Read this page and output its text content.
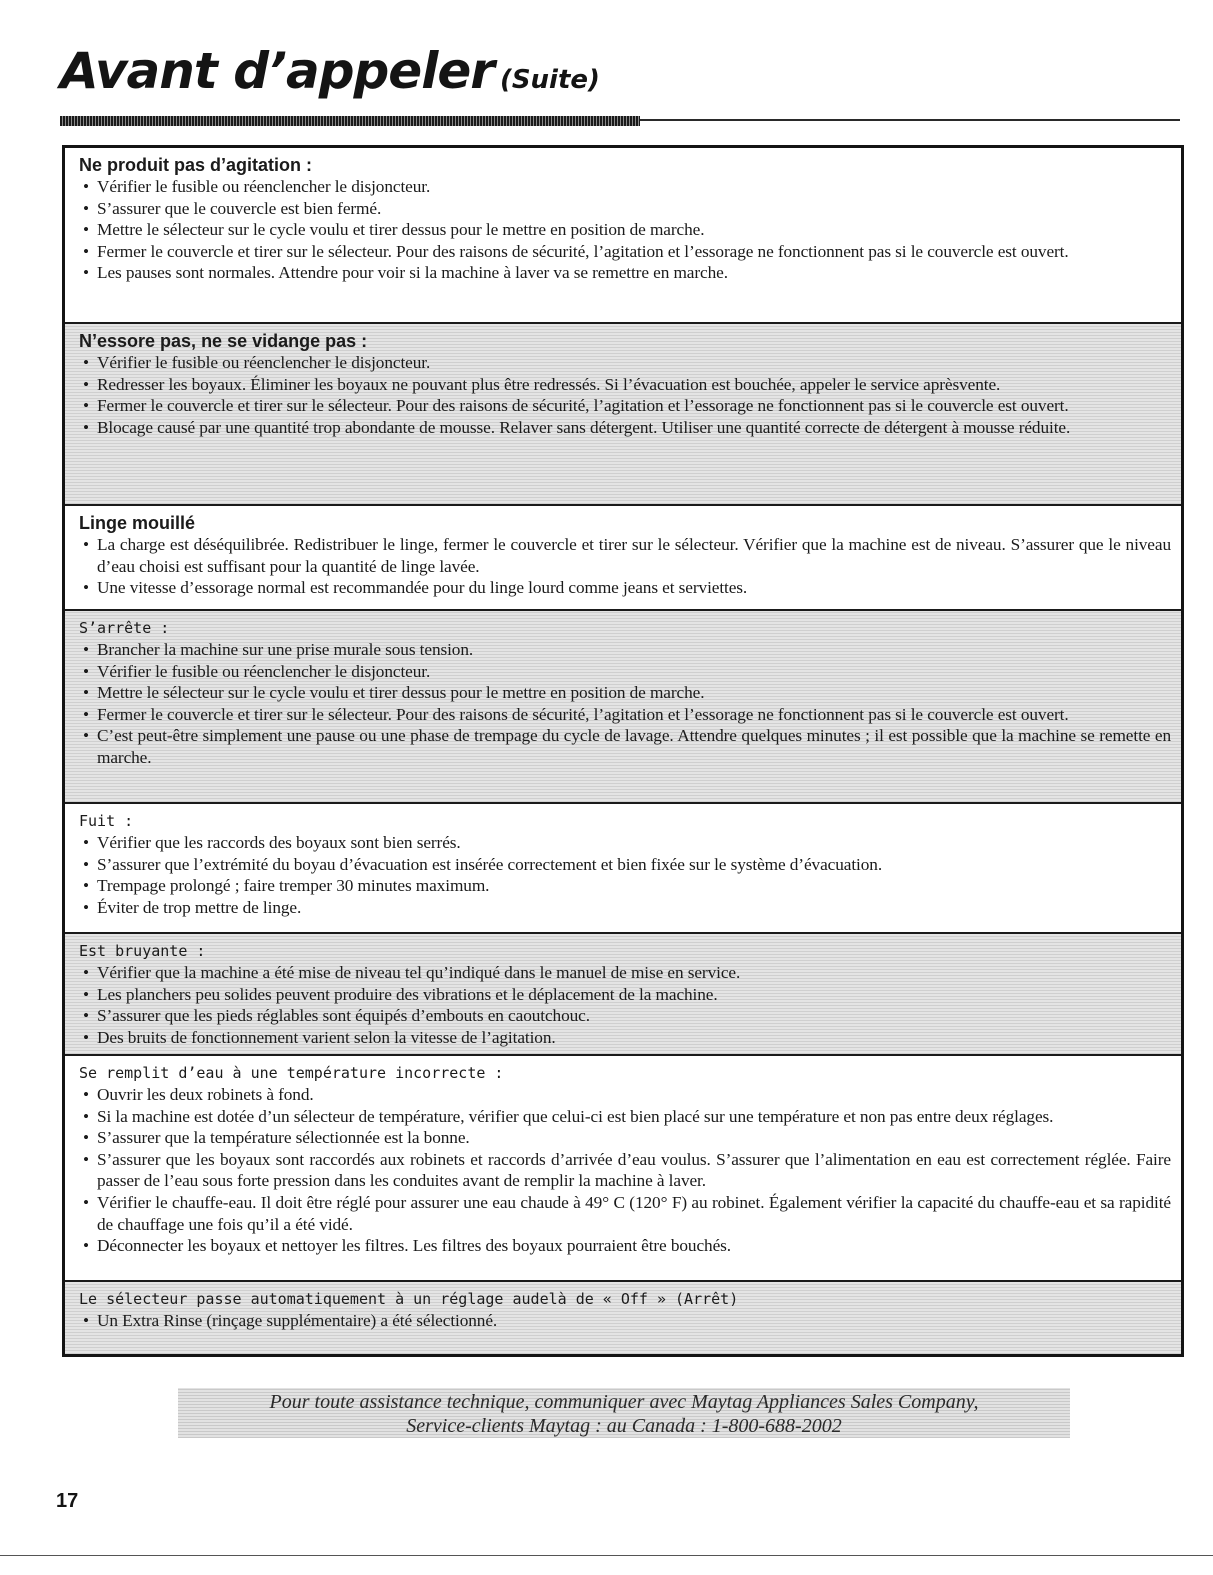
Avant d’appeler (Suite)
Ne produit pas d’agitation :
• Vérifier le fusible ou réenclencher le disjoncteur.
• S’assurer que le couvercle est bien fermé.
• Mettre le sélecteur sur le cycle voulu et tirer dessus pour le mettre en position de marche.
• Fermer le couvercle et tirer sur le sélecteur. Pour des raisons de sécurité, l’agitation et l’essorage ne fonctionnent pas si le couvercle est ouvert.
• Les pauses sont normales. Attendre pour voir si la machine à laver va se remettre en marche.
N’essore pas, ne se vidange pas :
• Vérifier le fusible ou réenclencher le disjoncteur.
• Redresser les boyaux. Éliminer les boyaux ne pouvant plus être redressés. Si l’évacuation est bouchée, appeler le service aprèsvente.
• Fermer le couvercle et tirer sur le sélecteur. Pour des raisons de sécurité, l’agitation et l’essorage ne fonctionnent pas si le couvercle est ouvert.
• Blocage causé par une quantité trop abondante de mousse. Relaver sans détergent. Utiliser une quantité correcte de détergent à mousse réduite.
Linge mouillé
• La charge est déséquilibrée. Redistribuer le linge, fermer le couvercle et tirer sur le sélecteur. Vérifier que la machine est de niveau. S’assurer que le niveau d’eau choisi est suffisant pour la quantité de linge lavée.
• Une vitesse d’essorage normal est recommandée pour du linge lourd comme jeans et serviettes.
S’arrête :
• Brancher la machine sur une prise murale sous tension.
• Vérifier le fusible ou réenclencher le disjoncteur.
• Mettre le sélecteur sur le cycle voulu et tirer dessus pour le mettre en position de marche.
• Fermer le couvercle et tirer sur le sélecteur. Pour des raisons de sécurité, l’agitation et l’essorage ne fonctionnent pas si le couvercle est ouvert.
• C’est peut-être simplement une pause ou une phase de trempage du cycle de lavage. Attendre quelques minutes ; il est possible que la machine se remette en marche.
Fuit :
• Vérifier que les raccords des boyaux sont bien serrés.
• S’assurer que l’extrémité du boyau d’évacuation est insérée correctement et bien fixée sur le système d’évacuation.
• Trempage prolongé ; faire tremper 30 minutes maximum.
• Éviter de trop mettre de linge.
Est bruyante :
• Vérifier que la machine a été mise de niveau tel qu’indiqué dans le manuel de mise en service.
• Les planchers peu solides peuvent produire des vibrations et le déplacement de la machine.
• S’assurer que les pieds réglables sont équipés d’embouts en caoutchouc.
• Des bruits de fonctionnement varient selon la vitesse de l’agitation.
Se remplit d’eau à une température incorrecte :
• Ouvrir les deux robinets à fond.
• Si la machine est dotée d’un sélecteur de température, vérifier que celui-ci est bien placé sur une température et non pas entre deux réglages.
• S’assurer que la température sélectionnée est la bonne.
• S’assurer que les boyaux sont raccordés aux robinets et raccords d’arrivée d’eau voulus. S’assurer que l’alimentation en eau est correctement réglée. Faire passer de l’eau sous forte pression dans les conduites avant de remplir la machine à laver.
• Vérifier le chauffe-eau. Il doit être réglé pour assurer une eau chaude à 49° C (120° F) au robinet. Également vérifier la capacité du chauffe-eau et sa rapidité de chauffage une fois qu’il a été vidé.
• Déconnecter les boyaux et nettoyer les filtres. Les filtres des boyaux pourraient être bouchés.
Le sélecteur passe automatiquement à un réglage audelà de « Off » (Arrêt)
• Un Extra Rinse (rinçage supplémentaire) a été sélectionné.
Pour toute assistance technique, communiquer avec Maytag Appliances Sales Company,
Service-clients Maytag : au Canada : 1-800-688-2002
17
